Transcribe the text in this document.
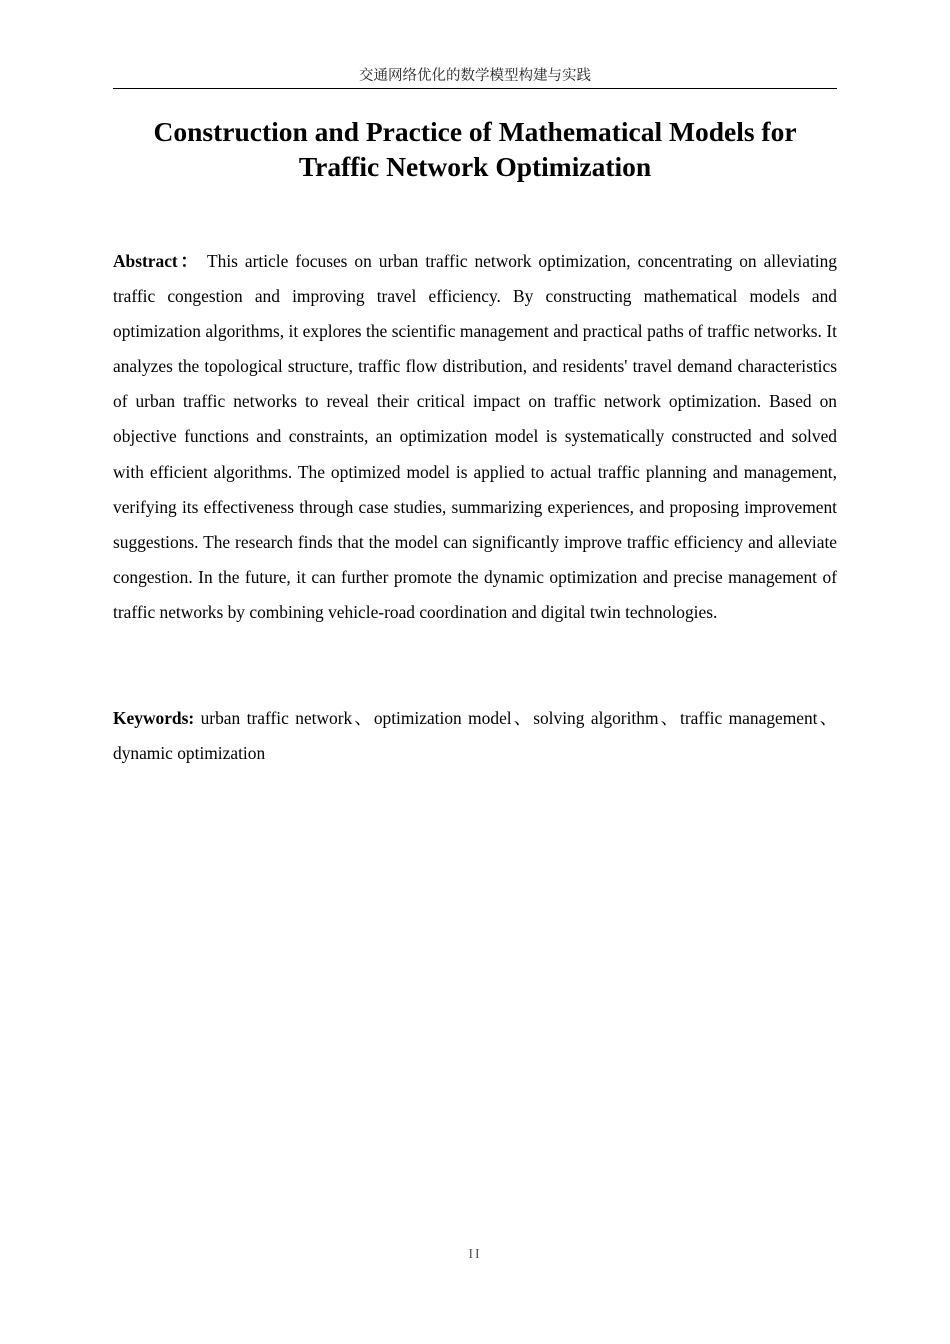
交通网络优化的数学模型构建与实践
Construction and Practice of Mathematical Models for
Traffic Network Optimization

Abstract： This article focuses on urban traffic network optimization, concentrating on alleviating traffic congestion and improving travel efficiency. By constructing mathematical models and optimization algorithms, it explores the scientific management and practical paths of traffic networks. It analyzes the topological structure, traffic flow distribution, and residents' travel demand characteristics of urban traffic networks to reveal their critical impact on traffic network optimization. Based on objective functions and constraints, an optimization model is systematically constructed and solved with efficient algorithms. The optimized model is applied to actual traffic planning and management, verifying its effectiveness through case studies, summarizing experiences, and proposing improvement suggestions. The research finds that the model can significantly improve traffic efficiency and alleviate congestion. In the future, it can further promote the dynamic optimization and precise management of traffic networks by combining vehicle-road coordination and digital twin technologies.

Keywords: urban traffic network、optimization model、solving algorithm、traffic management、dynamic optimization

II
